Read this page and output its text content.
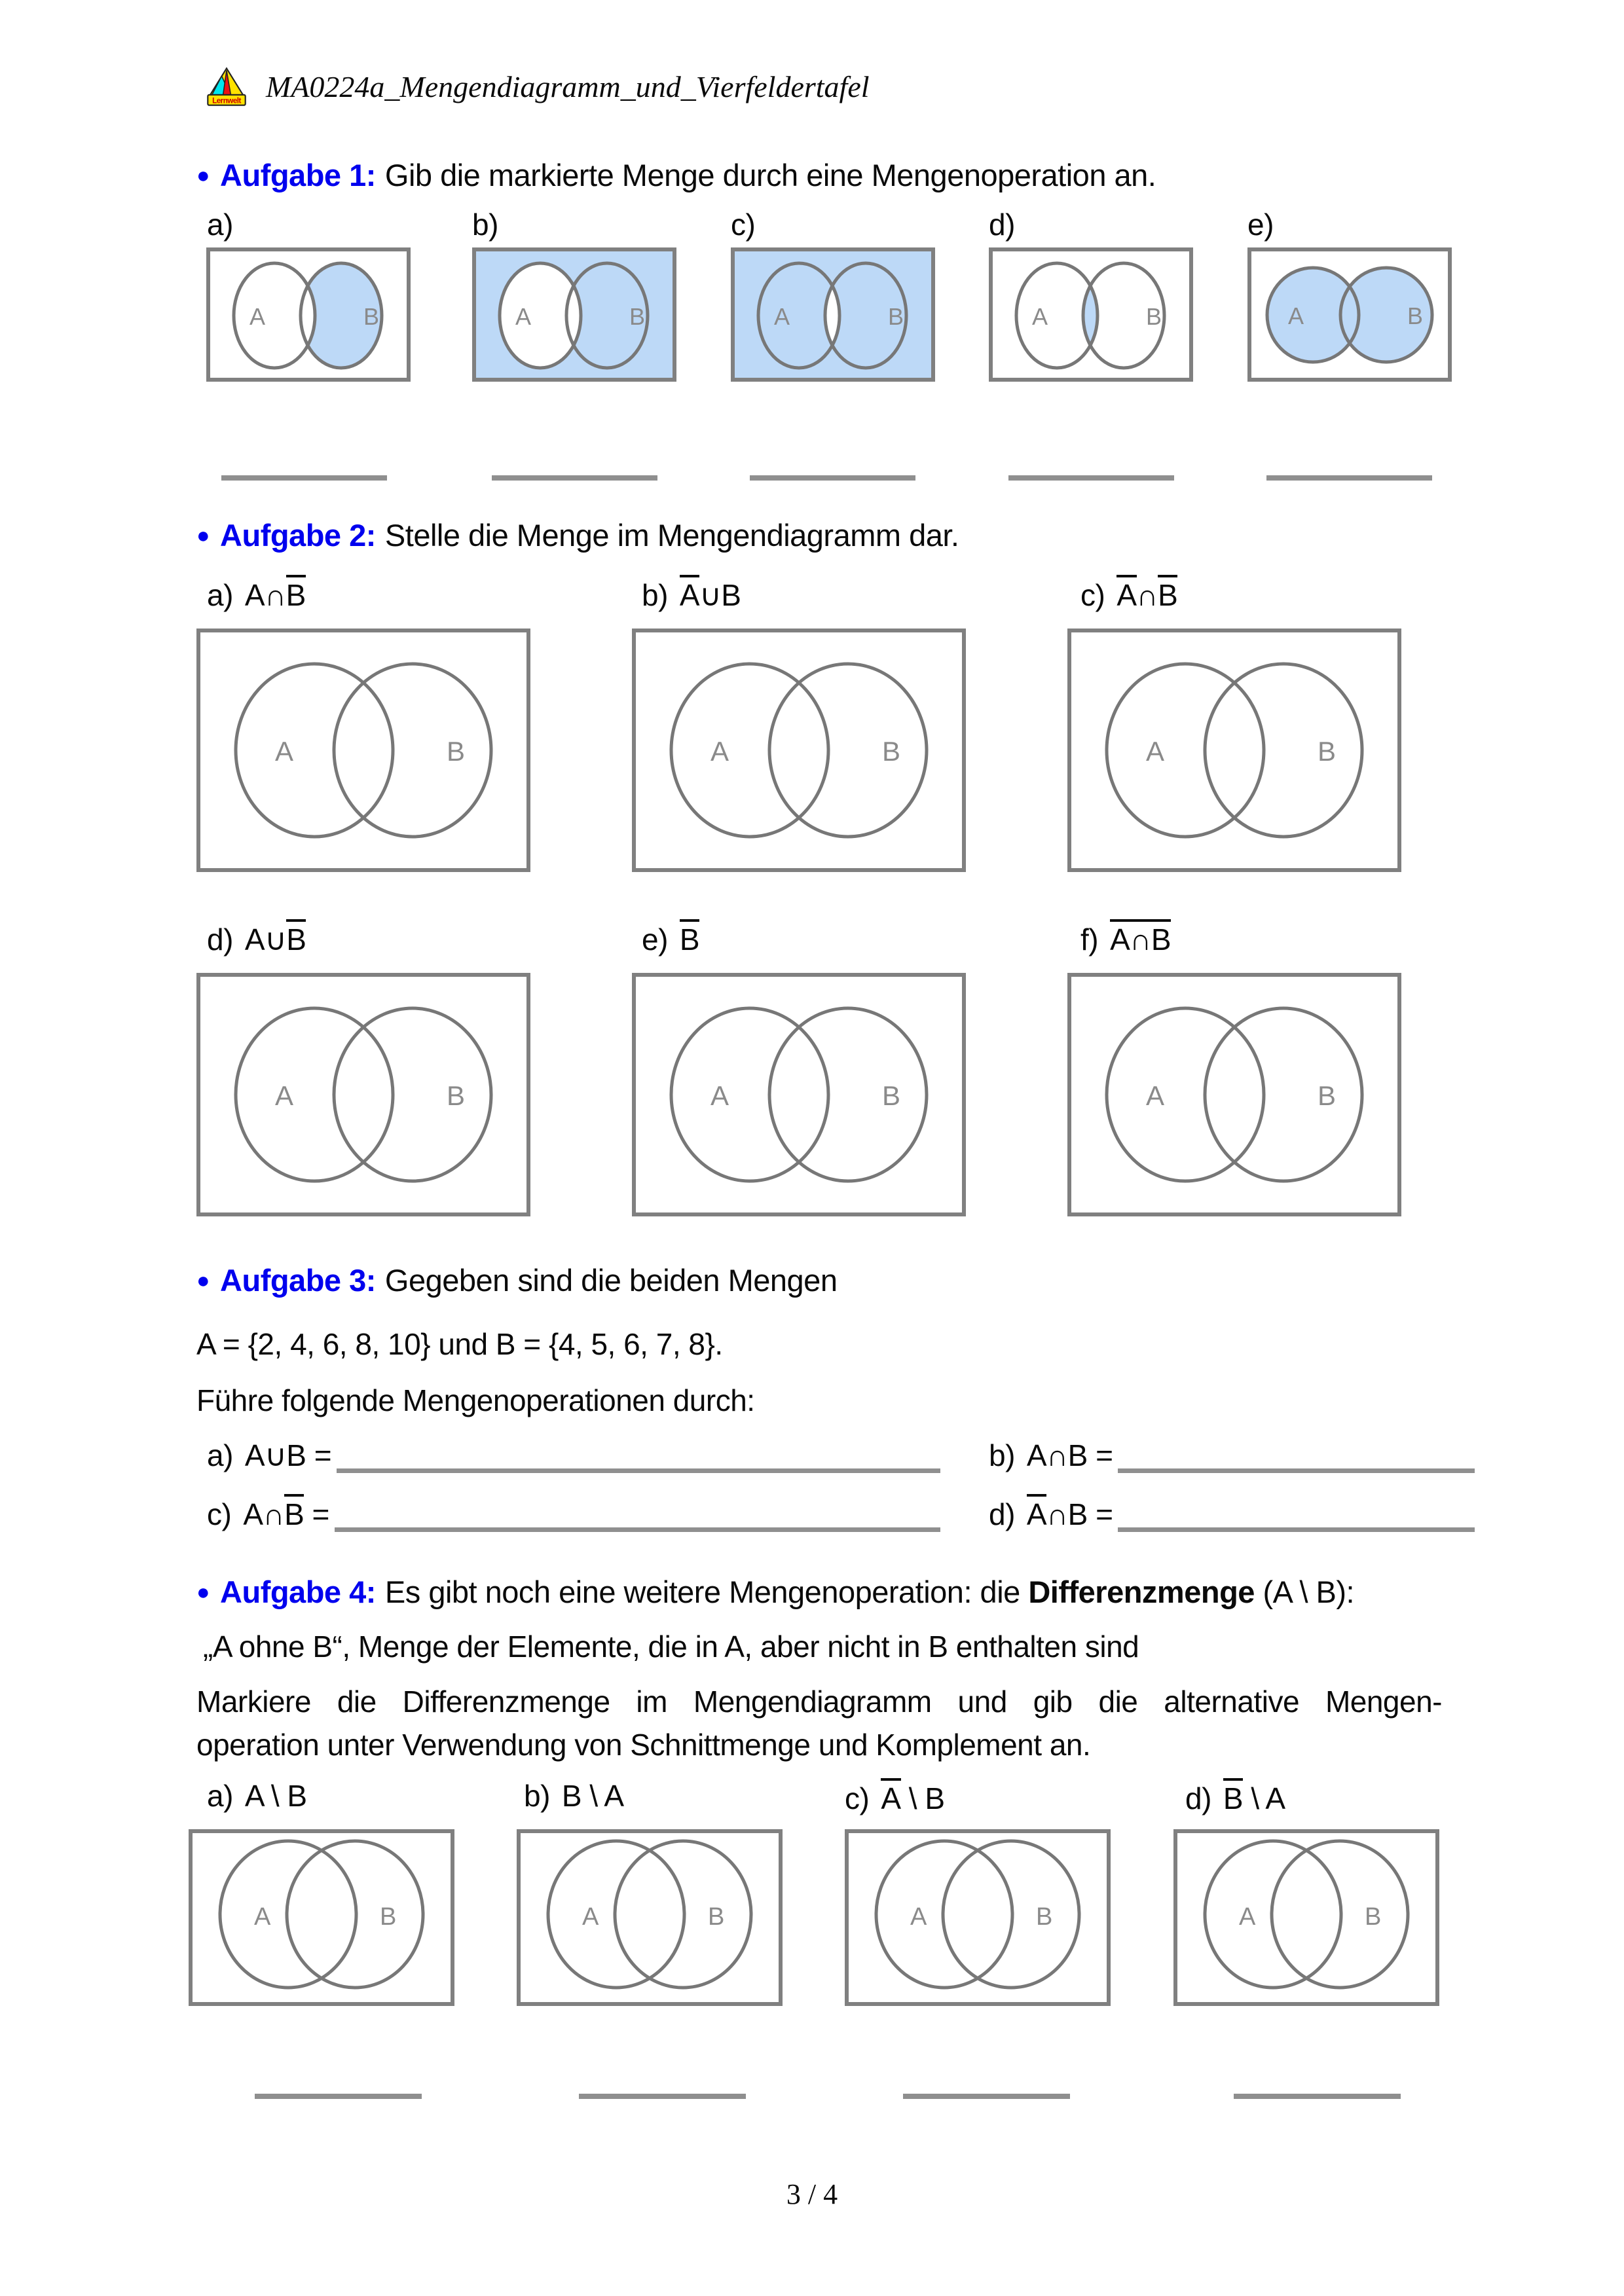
Lernwelt MA0224a_Mengendiagramm_und_Vierfeldertafel
● Aufgabe 1: Gib die markierte Menge durch eine Mengenoperation an.
a)	b)	c)	d)	e)
A	B	A	B	A	B	A	B	A	B
● Aufgabe 2: Stelle die Menge im Mengendiagramm dar.
a) A∩B	b) A∪B	c) A∩B
A	B	A	B	A	B
d) A∪B	e) B	f) A∩B
A	B	A	B	A	B
● Aufgabe 3: Gegeben sind die beiden Mengen
A = {2, 4, 6, 8, 10} und B = {4, 5, 6, 7, 8}.
Führe folgende Mengenoperationen durch:
a) A∪B =	b) A∩B =
c) A∩B =	d) A∩B =
● Aufgabe 4: Es gibt noch eine weitere Mengenoperation: die Differenzmenge (A \ B):
„A ohne B“, Menge der Elemente, die in A, aber nicht in B enthalten sind
Markiere die Differenzmenge im Mengendiagramm und gib die alternative Mengen-
operation unter Verwendung von Schnittmenge und Komplement an.
a) A \ B	b) B \ A	c) A \ B	d) B \ A
A	B	A	B	A	B	A	B
3 / 4
